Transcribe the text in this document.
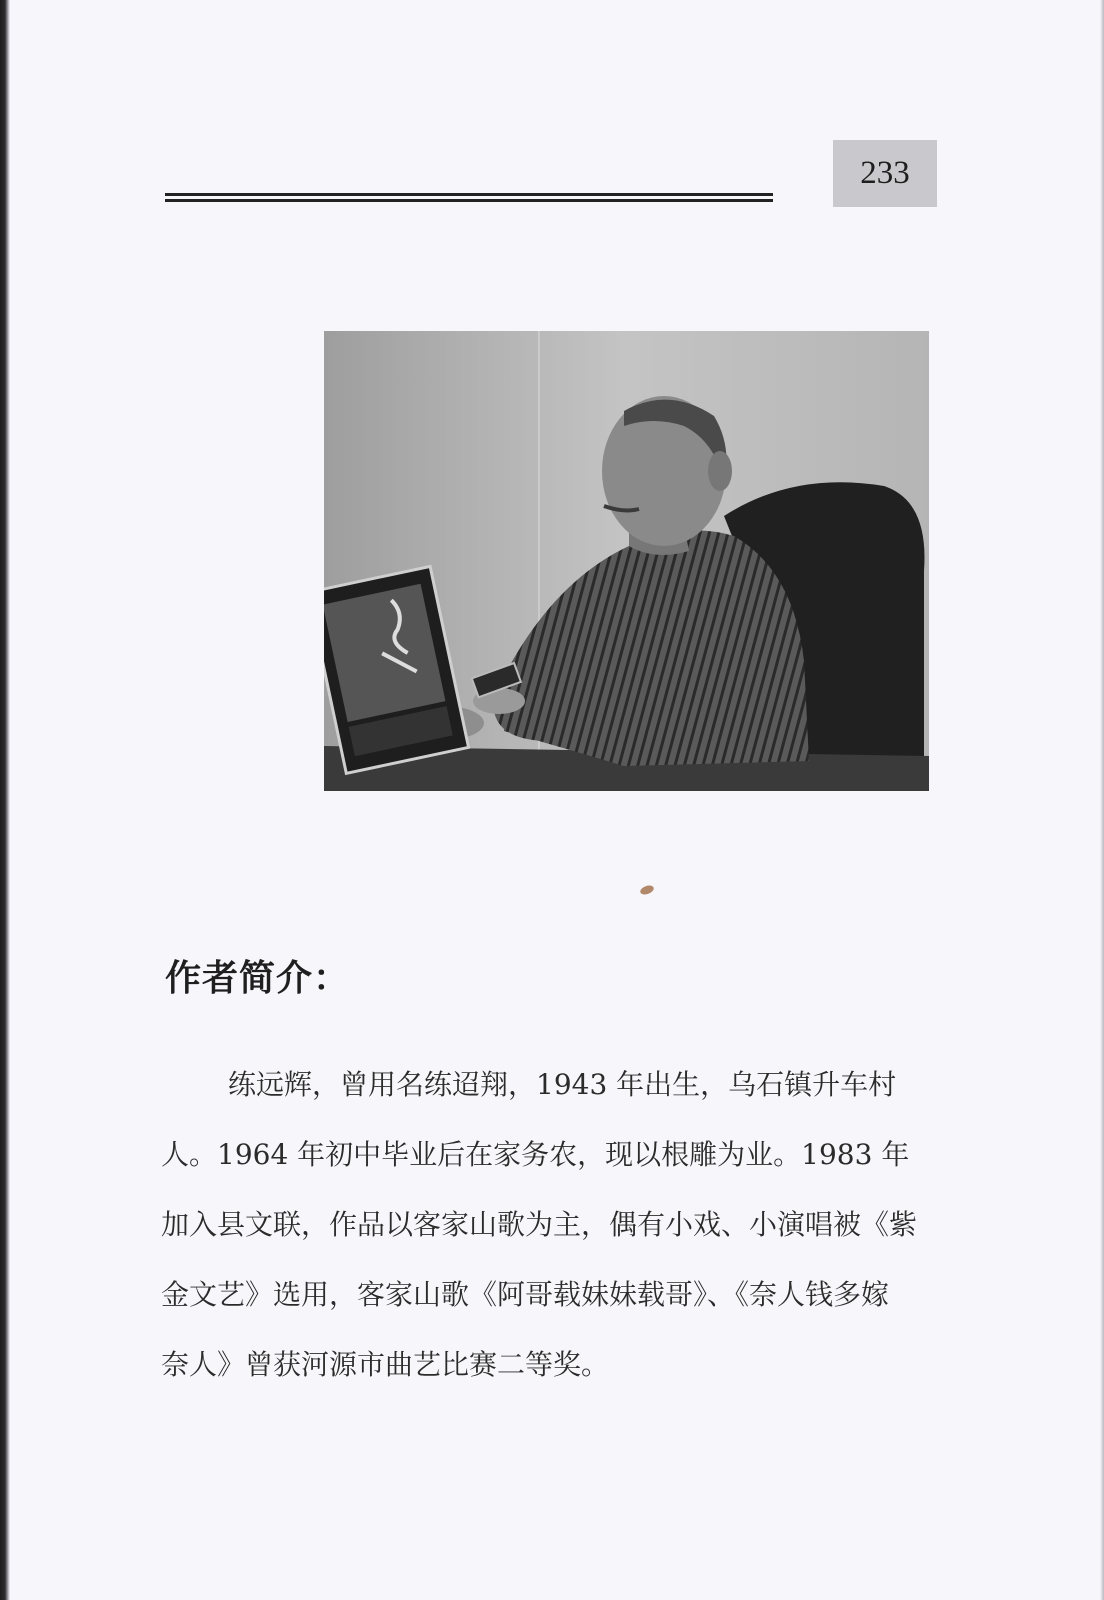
233
作者简介：
练远辉，曾用名练迢翔，1943 年出生，乌石镇升车村
人。1964 年初中毕业后在家务农，现以根雕为业。1983 年
加入县文联，作品以客家山歌为主，偶有小戏、小演唱被《紫
金文艺》选用，客家山歌《阿哥载妹妹载哥》、《奈人钱多嫁
奈人》曾获河源市曲艺比赛二等奖。
